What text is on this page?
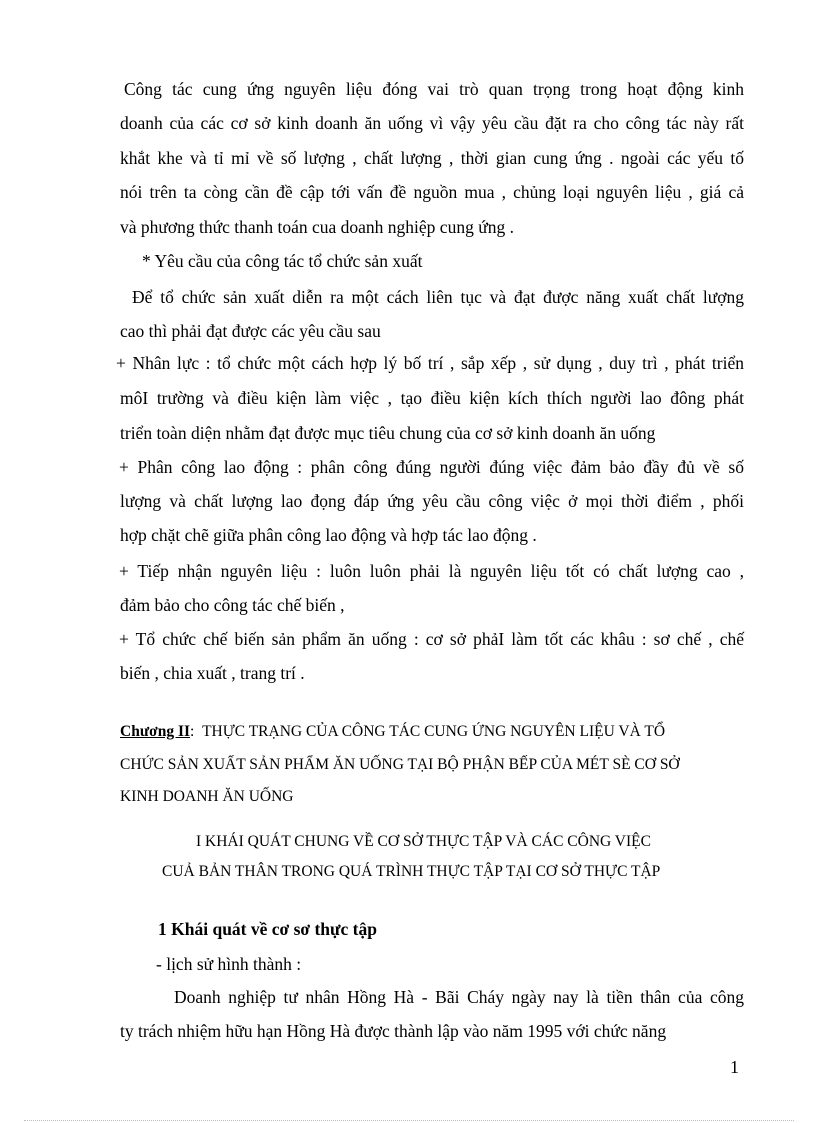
Công tác cung ứng nguyên liệu đóng vai trò quan trọng trong hoạt động kinh
doanh của các cơ sở kinh doanh ăn uống vì vậy yêu cầu đặt ra cho công tác này rất
khắt khe và tỉ mỉ về số lượng , chất lượng , thời gian cung ứng . ngoài các yếu tố
nói trên ta còng cần đề cập tới vấn đề nguồn mua , chủng loại nguyên liệu , giá cả
và phương thức thanh toán cua doanh nghiệp cung ứng .
* Yêu cầu của công tác tổ chức sản xuất
Để tổ chức sản xuất diễn ra một cách liên tục và đạt được năng xuất chất lượng
cao thì phải đạt được các yêu cầu sau
+ Nhân lực : tổ chức một cách hợp lý bố trí , sắp xếp , sử dụng , duy trì , phát triển
môI trường và điều kiện làm việc , tạo điều kiện kích thích người lao đông phát
triển toàn diện nhằm đạt được mục tiêu chung của cơ sở kinh doanh ăn uống
+ Phân công lao động : phân công đúng người đúng việc đảm bảo đầy đủ về số
lượng và chất lượng lao đọng đáp ứng yêu cầu công việc ở mọi thời điểm , phối
hợp chặt chẽ giữa phân công lao động và hợp tác lao động .
+ Tiếp nhận nguyên liệu : luôn luôn phải là nguyên liệu tốt có chất lượng cao ,
đảm bảo cho công tác chế biến ,
+ Tổ chức chế biến sản phẩm ăn uống : cơ sở phảI làm tốt các khâu : sơ chế , chế
biến , chia xuất , trang trí .
Chương II: THỰC TRẠNG CỦA CÔNG TÁC CUNG ỨNG NGUYÊN LIỆU VÀ TỔ
CHỨC SẢN XUẤT SẢN PHẨM ĂN UỐNG TẠI BỘ PHẬN BẾP CỦA MÉT SÈ CƠ SỞ
KINH DOANH ĂN UỐNG
I KHÁI QUÁT CHUNG VỀ CƠ SỞ THỰC TẬP VÀ CÁC CÔNG VIỆC
CUẢ BẢN THÂN TRONG QUÁ TRÌNH THỰC TẬP TẠI CƠ SỞ THỰC TẬP
1 Khái quát về cơ sơ thực tập
- lịch sử hình thành :
Doanh nghiệp tư nhân Hồng Hà - Bãi Cháy ngày nay là tiền thân của công
ty trách nhiệm hữu hạn Hồng Hà được thành lập vào năm 1995 với chức năng
1
